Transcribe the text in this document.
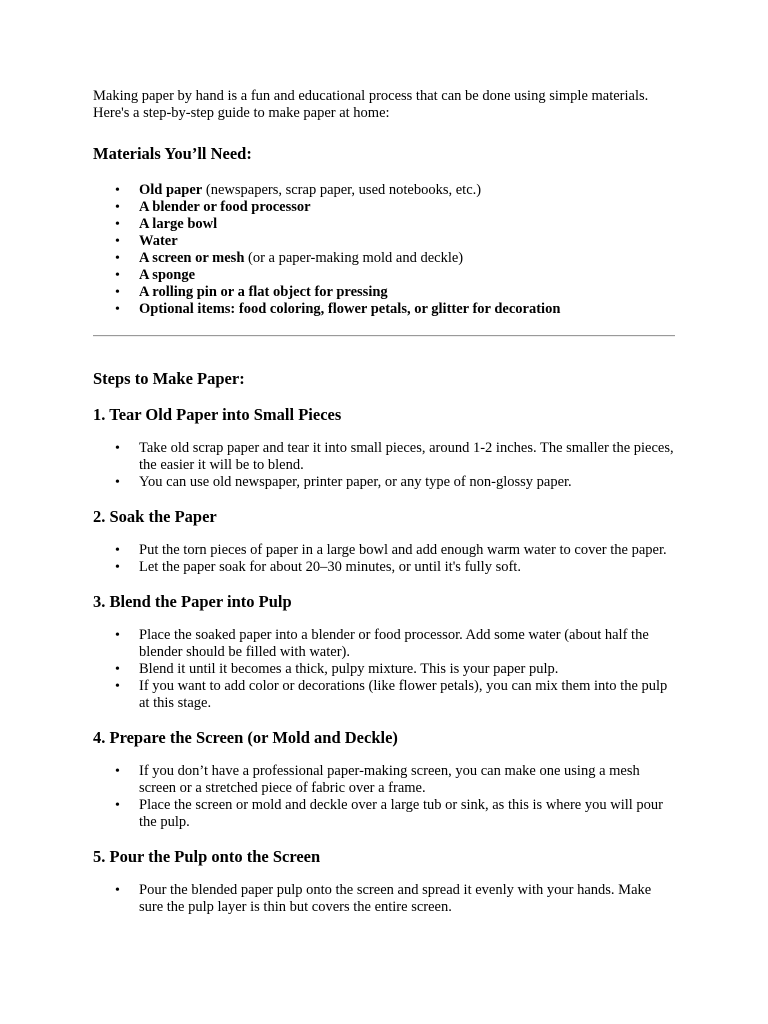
Making paper by hand is a fun and educational process that can be done using simple materials. Here's a step-by-step guide to make paper at home:

Materials You’ll Need:
• Old paper (newspapers, scrap paper, used notebooks, etc.)
• A blender or food processor
• A large bowl
• Water
• A screen or mesh (or a paper-making mold and deckle)
• A sponge
• A rolling pin or a flat object for pressing
• Optional items: food coloring, flower petals, or glitter for decoration
Steps to Make Paper:
1. Tear Old Paper into Small Pieces
• Take old scrap paper and tear it into small pieces, around 1-2 inches. The smaller the pieces, the easier it will be to blend.
• You can use old newspaper, printer paper, or any type of non-glossy paper.
2. Soak the Paper
• Put the torn pieces of paper in a large bowl and add enough warm water to cover the paper.
• Let the paper soak for about 20–30 minutes, or until it's fully soft.
3. Blend the Paper into Pulp
• Place the soaked paper into a blender or food processor. Add some water (about half the blender should be filled with water).
• Blend it until it becomes a thick, pulpy mixture. This is your paper pulp.
• If you want to add color or decorations (like flower petals), you can mix them into the pulp at this stage.
4. Prepare the Screen (or Mold and Deckle)
• If you don’t have a professional paper-making screen, you can make one using a mesh screen or a stretched piece of fabric over a frame.
• Place the screen or mold and deckle over a large tub or sink, as this is where you will pour the pulp.
5. Pour the Pulp onto the Screen
• Pour the blended paper pulp onto the screen and spread it evenly with your hands. Make sure the pulp layer is thin but covers the entire screen.
